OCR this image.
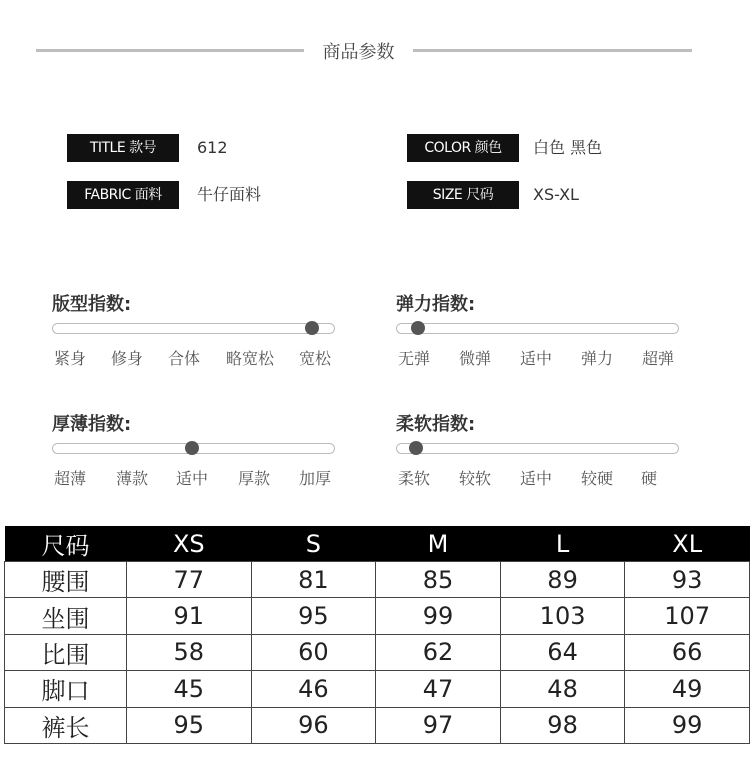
商品参数
TITLE 款号	612	COLOR 颜色	白色 黑色
FABRIC 面料	牛仔面料	SIZE 尺码	XS-XL
版型指数:
紧身 修身 合体 略宽松 宽松
弹力指数:
无弹 微弹 适中 弹力 超弹
厚薄指数:
超薄 薄款 适中 厚款 加厚
柔软指数:
柔软 较软 适中 较硬 硬
尺码	XS	S	M	L	XL
腰围	77	81	85	89	93
坐围	91	95	99	103	107
比围	58	60	62	64	66
脚口	45	46	47	48	49
裤长	95	96	97	98	99
